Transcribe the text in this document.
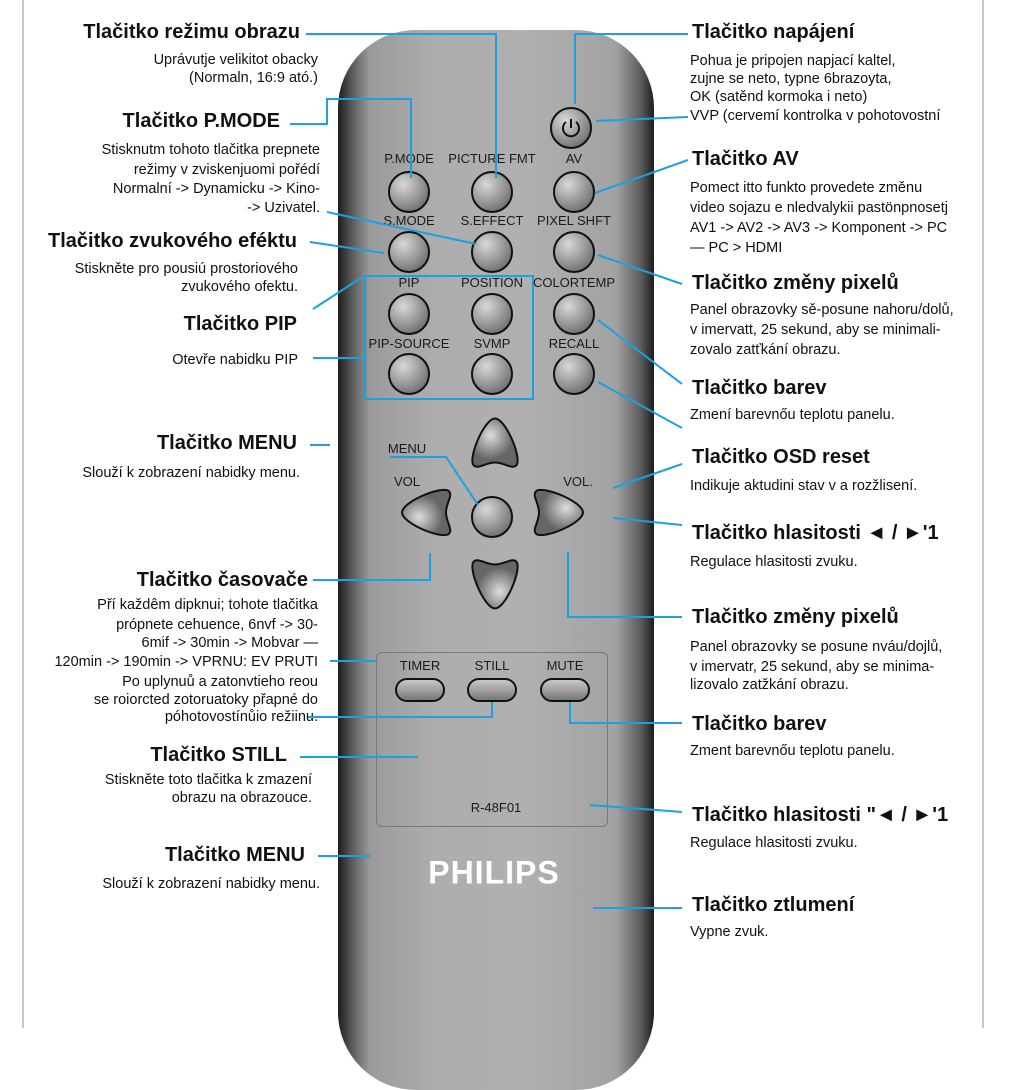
P.MODE PICTURE FMT AV
S.MODE S.EFFECT PIXEL SHFT
PIP	POSITION COLORTEMP
PIP-SOURCE SVMP	RECALL
MENU
VOL	VOL.
TIMER	STILL	MUTE
R-48F01
PHILIPS
Tlačitko režimu obrazu
Uprávutje velikitot obacky
(Normaln, 16:9 ató.)
Tlačitko P.MODE
Stisknutm tohoto tlačitka prepnete
režimy v zviskenjuomi pořédí
Normalní -> Dynamicku -> Kino-
-> Uzivatel.
Tlačitko zvukového eféktu
Stiskněte pro pousiú prostoriového
zvukového ofektu.
Tlačitko PIP
Otevře nabidku PIP
Tlačitko MENU
Slouží k zobrazení nabidky menu.
Tlačitko časovače
Pří každêm dipknui; tohote tlačitka
própnete cehuence, 6nvf -> 30-
6mif -> 30min -> Mobvar —
120min -> 190min -> VPRNU: EV PRUTI
Po uplynuů a zatonvtieho reou
se roiorcted zotoruatoky přapné do
póhotovostínůio režiinu.
Tlačitko STILL
Stiskněte toto tlačitka k zmazení
obrazu na obrazouce.
Tlačitko MENU
Slouží k zobrazení nabidky menu.
Tlačitko napájení
Pohua je pripojen napjací kaltel,
zujne se neto, typne 6brazoyta,
OK (satěnd kormoka i neto)
VVP (cervemí kontrolka v pohotovostní
Tlačitko AV
Pomect itto funkto provedete změnu
video sojazu e nledvalykii pastönpnosetj
AV1 -> AV2 -> AV3 -> Komponent -> PC
— PC > HDMI
Tlačitko změny pixelů
Panel obrazovky sě-posune nahoru/dolů,
v imervatt, 25 sekund, aby se minimali-
zovalo zatťkání obrazu.
Tlačitko barev
Zmení barevnőu teplotu panelu.
Tlačitko OSD reset
Indikuje aktudini stav v a rozžlisení.
Tlačitko hlasitosti ◄ / ►'1
Regulace hlasitosti zvuku.
Tlačitko změny pixelů
Panel obrazovky se posune nváu/dojlů,
v imervatr, 25 sekund, aby se minima-
lizovalo zatžkání obrazu.
Tlačitko barev
Zment barevnőu teplotu panelu.
Tlačitko hlasitosti "◄ / ►'1
Regulace hlasitosti zvuku.
Tlačitko ztlumení
Vypne zvuk.
